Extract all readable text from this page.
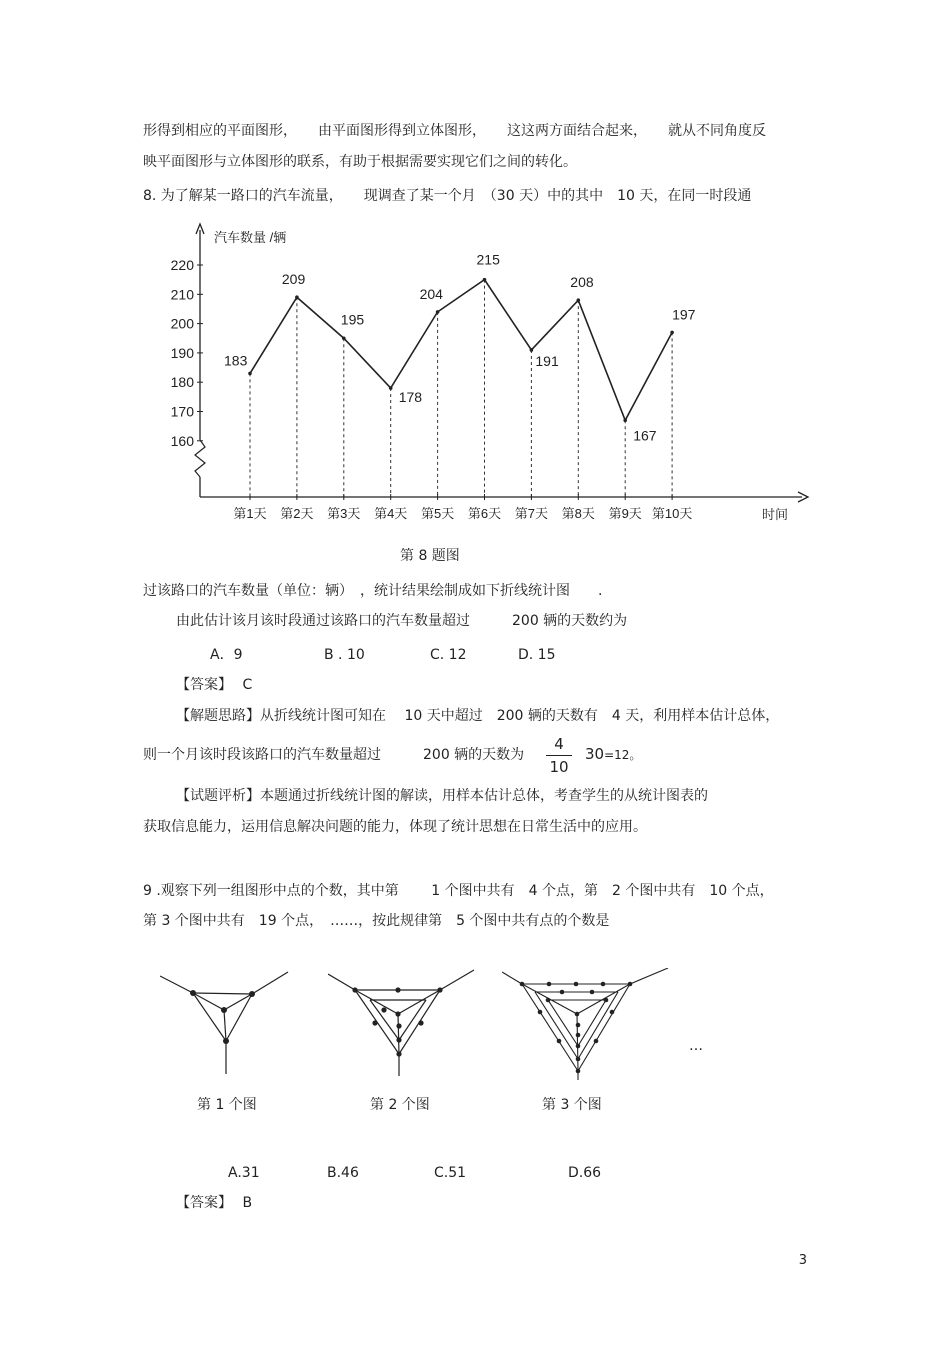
形得到相应的平面图形，　　由平面图形得到立体图形，　　这这两方面结合起来，　　就从不同角度反
映平面图形与立体图形的联系，有助于根据需要实现它们之间的转化。
8. 为了解某一路口的汽车流量，　　现调查了某一个月　（30 天）中的其中　10 天，在同一时段通
220
210
200
190
180
170
160
183
209
195
178
204
215
191
208
167
197
第1天 第2天 第3天 第4天 第5天 第6天 第7天 第8天 第9天 第10天
汽车数量 /辆
时间
第 8 题图
过该路口的汽车数量（单位：辆）　，统计结果绘制成如下折线统计图　　.
由此估计该月该时段通过该路口的汽车数量超过　　　200 辆的天数约为
A．9	B . 10	C. 12	D. 15
【答案】 C
【解题思路】从折线统计图可知在　 10 天中超过　200 辆的天数有　4 天，利用样本估计总体，
则一个月该时段该路口的汽车数量超过　　　200 辆的天数为
4
10
30=12。
【试题评析】本题通过折线统计图的解读，用样本估计总体，考查学生的从统计图表的
获取信息能力，运用信息解决问题的能力，体现了统计思想在日常生活中的应用。
9 .观察下列一组图形中点的个数，其中第　　 1 个图中共有　4 个点，第　2 个图中共有　10 个点，
第 3 个图中共有　19 个点，　……，按此规律第　5 个图中共有点的个数是
…
第 1 个图	第 2 个图	第 3 个图
A.31	B.46	C.51	D.66
【答案】 B
3
